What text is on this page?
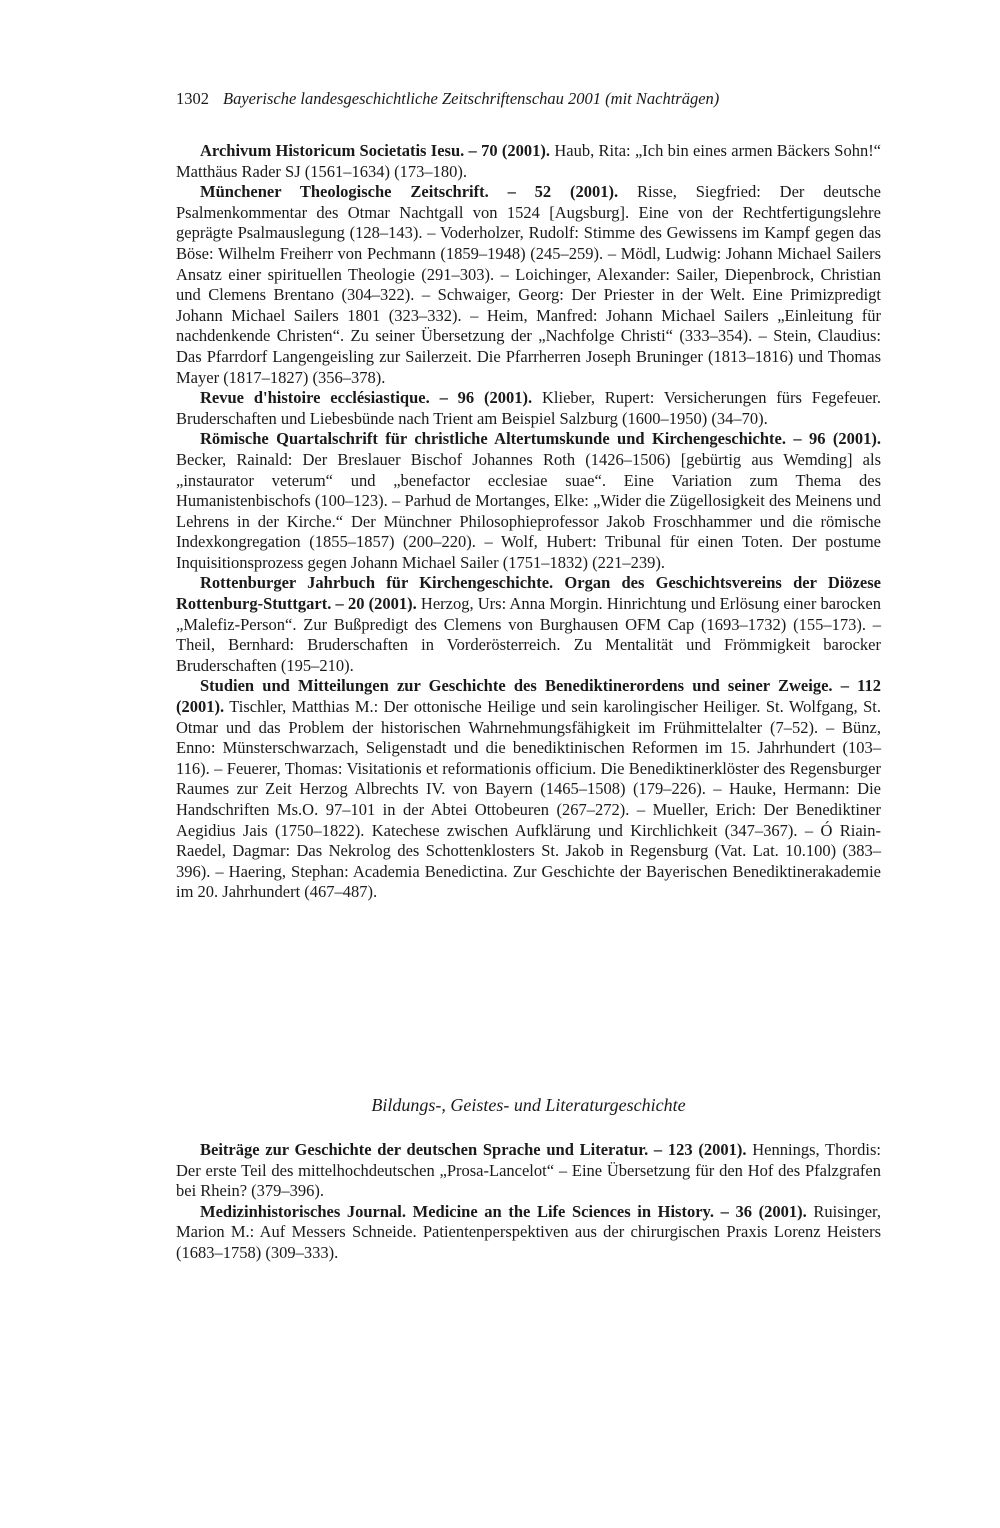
1302 Bayerische landesgeschichtliche Zeitschriftenschau 2001 (mit Nachträgen)

Archivum Historicum Societatis Iesu. – 70 (2001). Haub, Rita: „Ich bin eines armen Bäckers Sohn!“ Matthäus Rader SJ (1561–1634) (173–180).

Münchener Theologische Zeitschrift. – 52 (2001). Risse, Siegfried: Der deutsche Psalmenkommentar des Otmar Nachtgall von 1524 [Augsburg]. Eine von der Rechtfertigungslehre geprägte Psalmauslegung (128–143). – Voderholzer, Rudolf: Stimme des Gewissens im Kampf gegen das Böse: Wilhelm Freiherr von Pechmann (1859–1948) (245–259). – Mödl, Ludwig: Johann Michael Sailers Ansatz einer spirituellen Theologie (291–303). – Loichinger, Alexander: Sailer, Diepenbrock, Christian und Clemens Brentano (304–322). – Schwaiger, Georg: Der Priester in der Welt. Eine Primizpredigt Johann Michael Sailers 1801 (323–332). – Heim, Manfred: Johann Michael Sailers „Einleitung für nachdenkende Christen“. Zu seiner Übersetzung der „Nachfolge Christi“ (333–354). – Stein, Claudius: Das Pfarrdorf Langengeisling zur Sailerzeit. Die Pfarrherren Joseph Bruninger (1813–1816) und Thomas Mayer (1817–1827) (356–378).

Revue d'histoire ecclésiastique. – 96 (2001). Klieber, Rupert: Versicherungen fürs Fegefeuer. Bruderschaften und Liebesbünde nach Trient am Beispiel Salzburg (1600–1950) (34–70).

Römische Quartalschrift für christliche Altertumskunde und Kirchengeschichte. – 96 (2001). Becker, Rainald: Der Breslauer Bischof Johannes Roth (1426–1506) [gebürtig aus Wemding] als „instaurator veterum“ und „benefactor ecclesiae suae“. Eine Variation zum Thema des Humanistenbischofs (100–123). – Parhud de Mortanges, Elke: „Wider die Zügellosigkeit des Meinens und Lehrens in der Kirche.“ Der Münchner Philosophieprofessor Jakob Froschhammer und die römische Indexkongregation (1855–1857) (200–220). – Wolf, Hubert: Tribunal für einen Toten. Der postume Inquisitionsprozess gegen Johann Michael Sailer (1751–1832) (221–239).

Rottenburger Jahrbuch für Kirchengeschichte. Organ des Geschichtsvereins der Diözese Rottenburg-Stuttgart. – 20 (2001). Herzog, Urs: Anna Morgin. Hinrichtung und Erlösung einer barocken „Malefiz-Person“. Zur Bußpredigt des Clemens von Burghausen OFM Cap (1693–1732) (155–173). – Theil, Bernhard: Bruderschaften in Vorderösterreich. Zu Mentalität und Frömmigkeit barocker Bruderschaften (195–210).

Studien und Mitteilungen zur Geschichte des Benediktinerordens und seiner Zweige. – 112 (2001). Tischler, Matthias M.: Der ottonische Heilige und sein karolingischer Heiliger. St. Wolfgang, St. Otmar und das Problem der historischen Wahrnehmungsfähigkeit im Frühmittelalter (7–52). – Bünz, Enno: Münsterschwarzach, Seligenstadt und die benediktinischen Reformen im 15. Jahrhundert (103–116). – Feuerer, Thomas: Visitationis et reformationis officium. Die Benediktinerklöster des Regensburger Raumes zur Zeit Herzog Albrechts IV. von Bayern (1465–1508) (179–226). – Hauke, Hermann: Die Handschriften Ms.O. 97–101 in der Abtei Ottobeuren (267–272). – Mueller, Erich: Der Benediktiner Aegidius Jais (1750–1822). Katechese zwischen Aufklärung und Kirchlichkeit (347–367). – Ó Riain-Raedel, Dagmar: Das Nekrolog des Schottenklosters St. Jakob in Regensburg (Vat. Lat. 10.100) (383–396). – Haering, Stephan: Academia Benedictina. Zur Geschichte der Bayerischen Benediktinerakademie im 20. Jahrhundert (467–487).

Bildungs-, Geistes- und Literaturgeschichte

Beiträge zur Geschichte der deutschen Sprache und Literatur. – 123 (2001). Hennings, Thordis: Der erste Teil des mittelhochdeutschen „Prosa-Lancelot“ – Eine Übersetzung für den Hof des Pfalzgrafen bei Rhein? (379–396).

Medizinhistorisches Journal. Medicine an the Life Sciences in History. – 36 (2001). Ruisinger, Marion M.: Auf Messers Schneide. Patientenperspektiven aus der chirurgischen Praxis Lorenz Heisters (1683–1758) (309–333).
